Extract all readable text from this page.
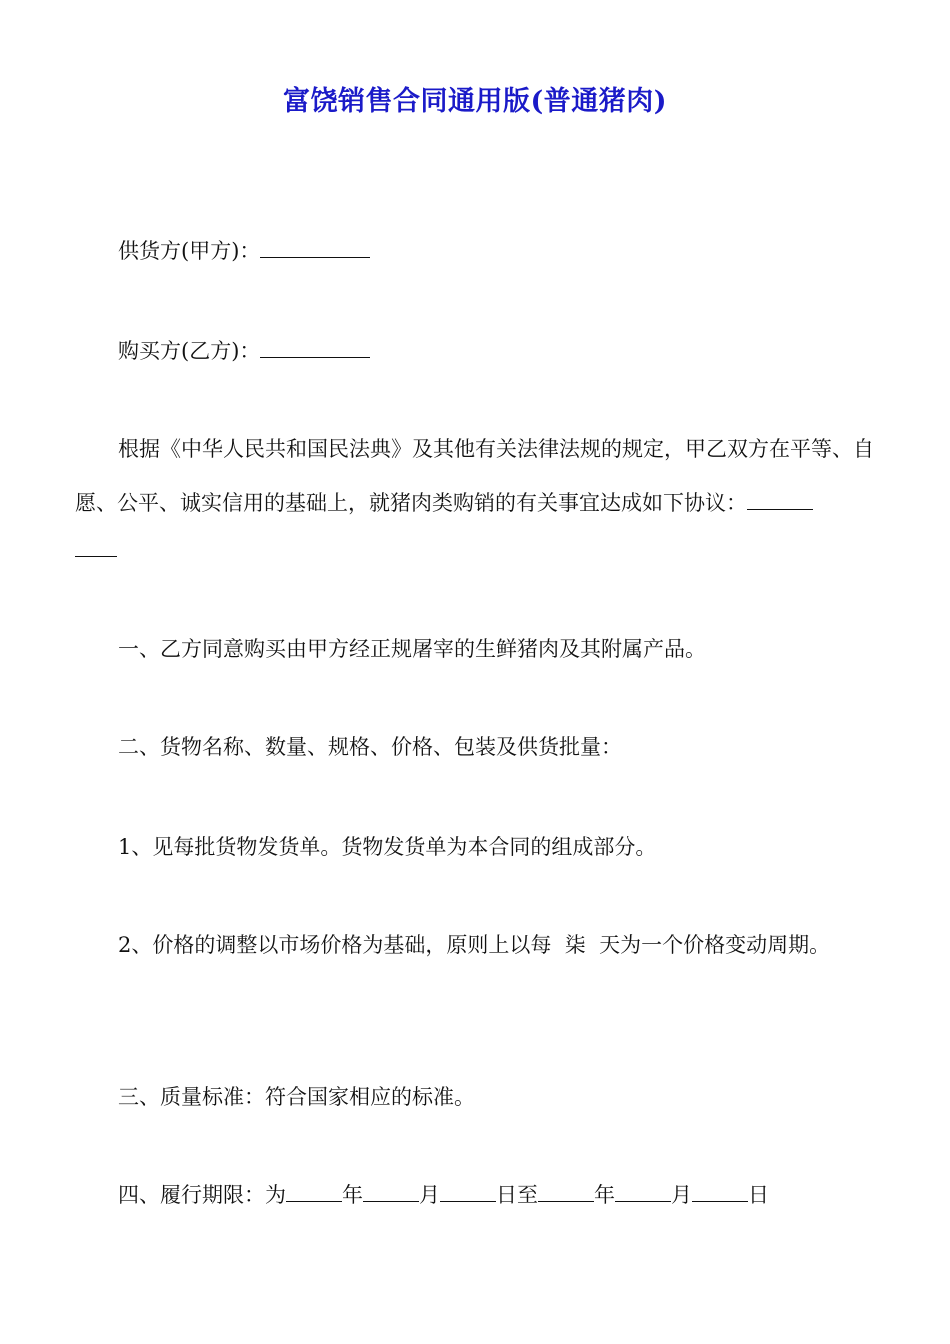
富饶销售合同通用版(普通猪肉)

供货方(甲方)：

购买方(乙方)：

根据《中华人民共和国民法典》及其他有关法律法规的规定，甲乙双方在平等、自愿、公平、诚实信用的基础上，就猪肉类购销的有关事宜达成如下协议：

一、乙方同意购买由甲方经正规屠宰的生鲜猪肉及其附属产品。

二、货物名称、数量、规格、价格、包装及供货批量：

1、见每批货物发货单。货物发货单为本合同的组成部分。

2、价格的调整以市场价格为基础，原则上以每 柒 天为一个价格变动周期。

三、质量标准：符合国家相应的标准。

四、履行期限：为	年	月	日至	年	月	日
